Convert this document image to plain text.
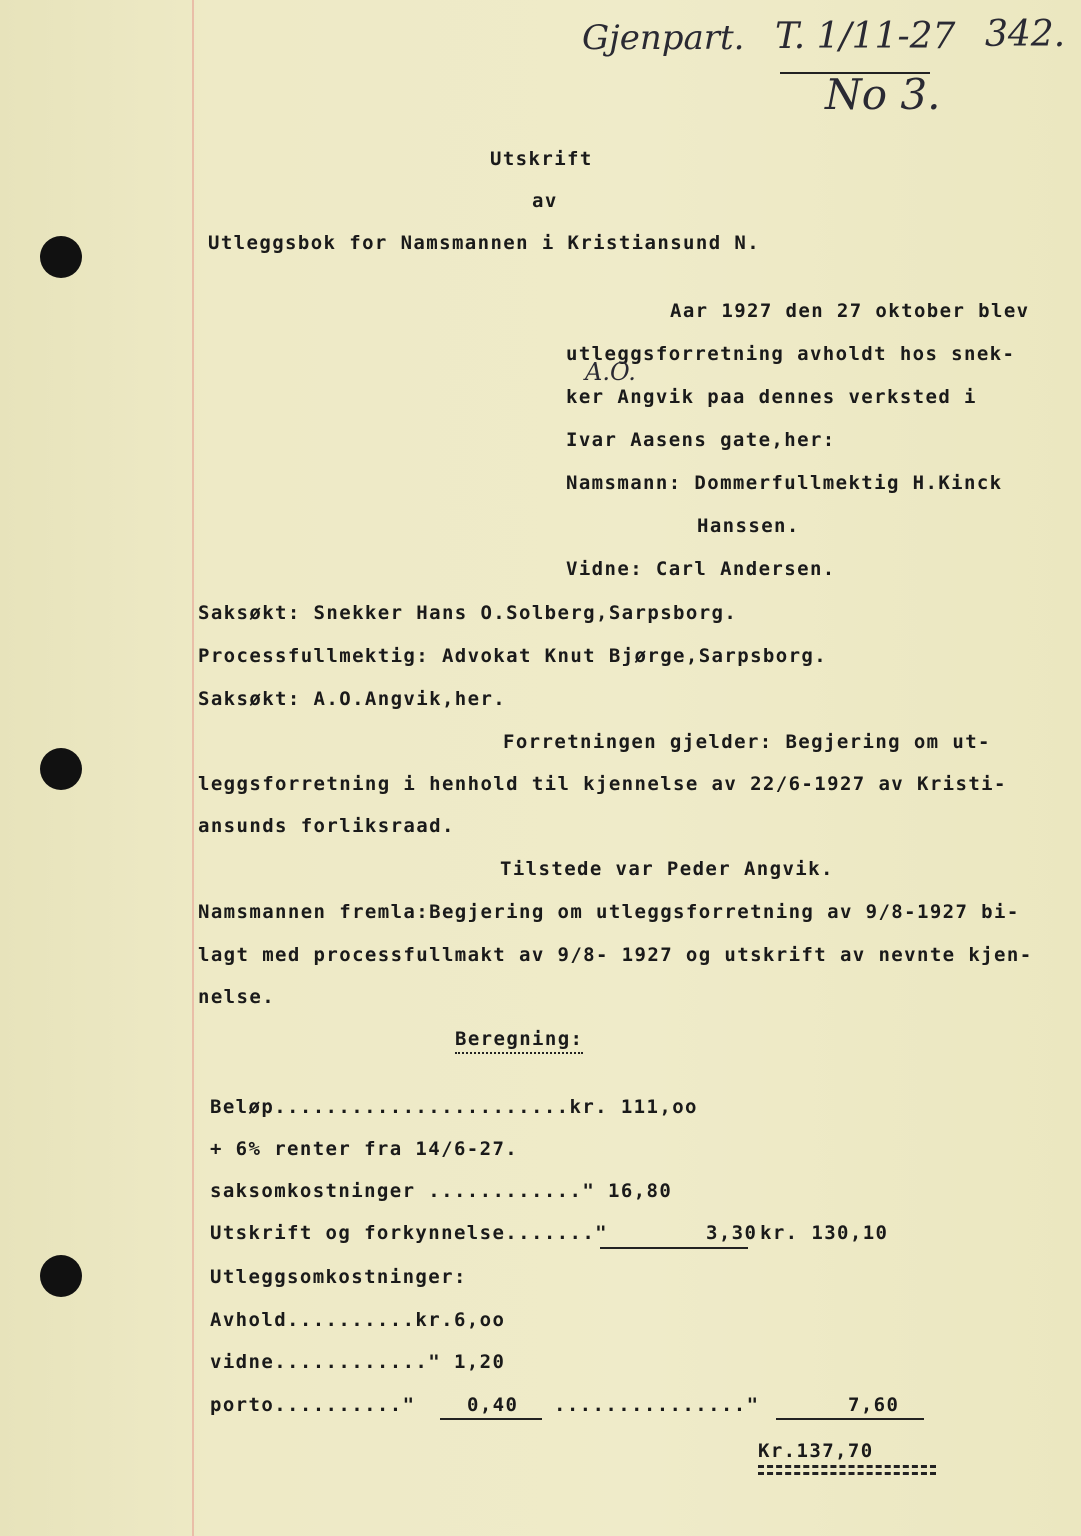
Gjenpart. T. 1/11-27 342.
No 3.
Utskrift
av
Utleggsbok for Namsmannen i Kristiansund N.
Aar 1927 den 27 oktober blev
utleggsforretning avholdt hos snek-
A.O.
ker Angvik paa dennes verksted i
Ivar Aasens gate,her:
Namsmann: Dommerfullmektig H.Kinck
Hanssen.
Vidne: Carl Andersen.
Saksøkt: Snekker Hans O.Solberg,Sarpsborg.
Processfullmektig: Advokat Knut Bjørge,Sarpsborg.
Saksøkt: A.O.Angvik,her.
Forretningen gjelder: Begjering om ut-
leggsforretning i henhold til kjennelse av 22/6-1927 av Kristi-
ansunds forliksraad.
Tilstede var Peder Angvik.
Namsmannen fremla:Begjering om utleggsforretning av 9/8-1927 bi-
lagt med processfullmakt av 9/8- 1927 og utskrift av nevnte kjen-
nelse.
Beregning:
Beløp.......................kr. 111,oo
+ 6% renter fra 14/6-27.
saksomkostninger ............" 16,80
Utskrift og forkynnelse......."	3,30 kr. 130,10
Utleggsomkostninger:
Avhold..........kr.6,oo
vidne............" 1,20
porto.........."	0,40 ..............."	7,60
Kr.137,70
